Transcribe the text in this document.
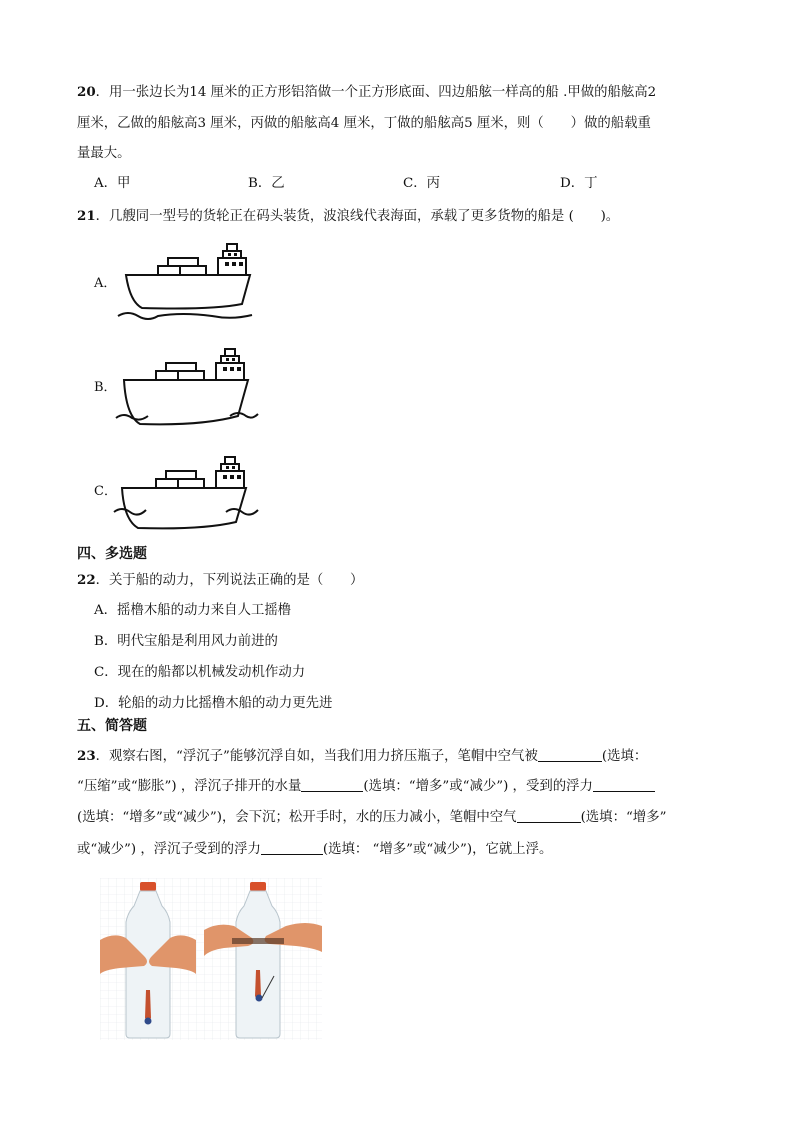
20．用一张边长为14 厘米的正方形铝箔做一个正方形底面、四边船舷一样高的船 .甲做的船舷高2
厘米，乙做的船舷高3 厘米，丙做的船舷高4 厘米，丁做的船舷高5 厘米，则（　　）做的船载重
量最大。
A．甲	B．乙	C．丙	D．丁
21．几艘同一型号的货轮正在码头装货，波浪线代表海面，承载了更多货物的船是 (　　)。
A．
B．
C．
四、多选题
22．关于船的动力，下列说法正确的是（　　）
A．摇橹木船的动力来自人工摇橹
B．明代宝船是利用风力前进的
C．现在的船都以机械发动机作动力
D．轮船的动力比摇橹木船的动力更先进
五、简答题
23．观察右图，“浮沉子”能够沉浮自如，当我们用力挤压瓶子，笔帽中空气被	(选填：
“压缩”或“膨胀”) ，浮沉子排开的水量	(选填：“增多”或“减少”) ，受到的浮力
(选填：“增多”或“减少”)，会下沉；松开手时，水的压力减小，笔帽中空气	(选填：“增多”
或“减少”) ，浮沉子受到的浮力	(选填： “增多”或“减少”)，它就上浮。
